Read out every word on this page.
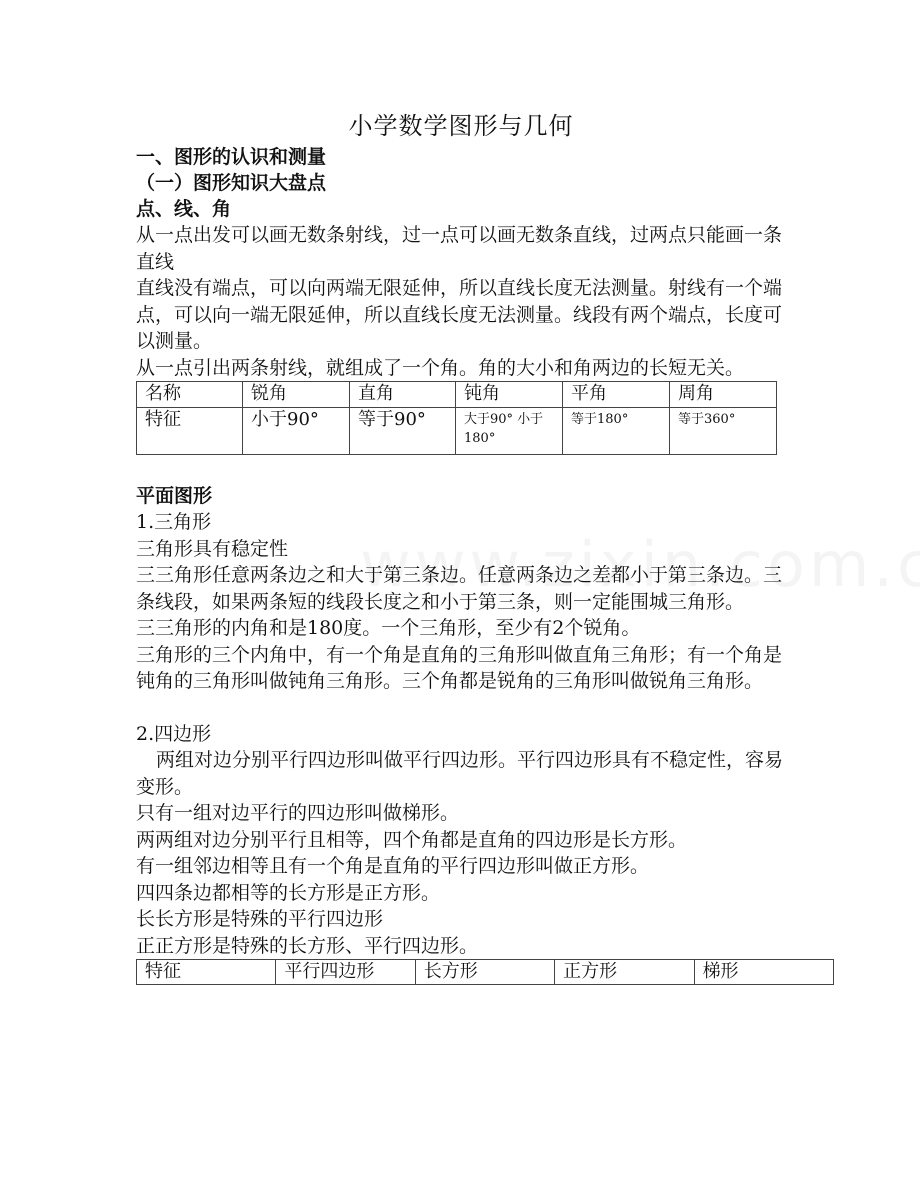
小学数学图形与几何
一、图形的认识和测量
（一）图形知识大盘点
点、线、角

从一点出发可以画无数条射线，过一点可以画无数条直线，过两点只能画一条直线

直线没有端点，可以向两端无限延伸，所以直线长度无法测量。射线有一个端点，可以向一端无限延伸，所以直线长度无法测量。线段有两个端点，长度可以测量。

从一点引出两条射线，就组成了一个角。角的大小和角两边的长短无关。

名称	锐角	直角	钝角	平角	周角
特征	小于90°	等于90°	大于90° 小于180°	等于180°	等于360°
平面图形

1.三角形

三角形具有稳定性

三三角形任意两条边之和大于第三条边。任意两条边之差都小于第三条边。三条线段，如果两条短的线段长度之和小于第三条，则一定能围城三角形。

三三角形的内角和是180度。一个三角形，至少有2个锐角。

三角形的三个内角中，有一个角是直角的三角形叫做直角三角形；有一个角是钝角的三角形叫做钝角三角形。三个角都是锐角的三角形叫做锐角三角形。

2.四边形

两组对边分别平行四边形叫做平行四边形。平行四边形具有不稳定性，容易变形。

只有一组对边平行的四边形叫做梯形。

两两组对边分别平行且相等，四个角都是直角的四边形是长方形。

有一组邻边相等且有一个角是直角的平行四边形叫做正方形。

四四条边都相等的长方形是正方形。

长长方形是特殊的平行四边形

正正方形是特殊的长方形、平行四边形。

特征	平行四边形	长方形	正方形	梯形
